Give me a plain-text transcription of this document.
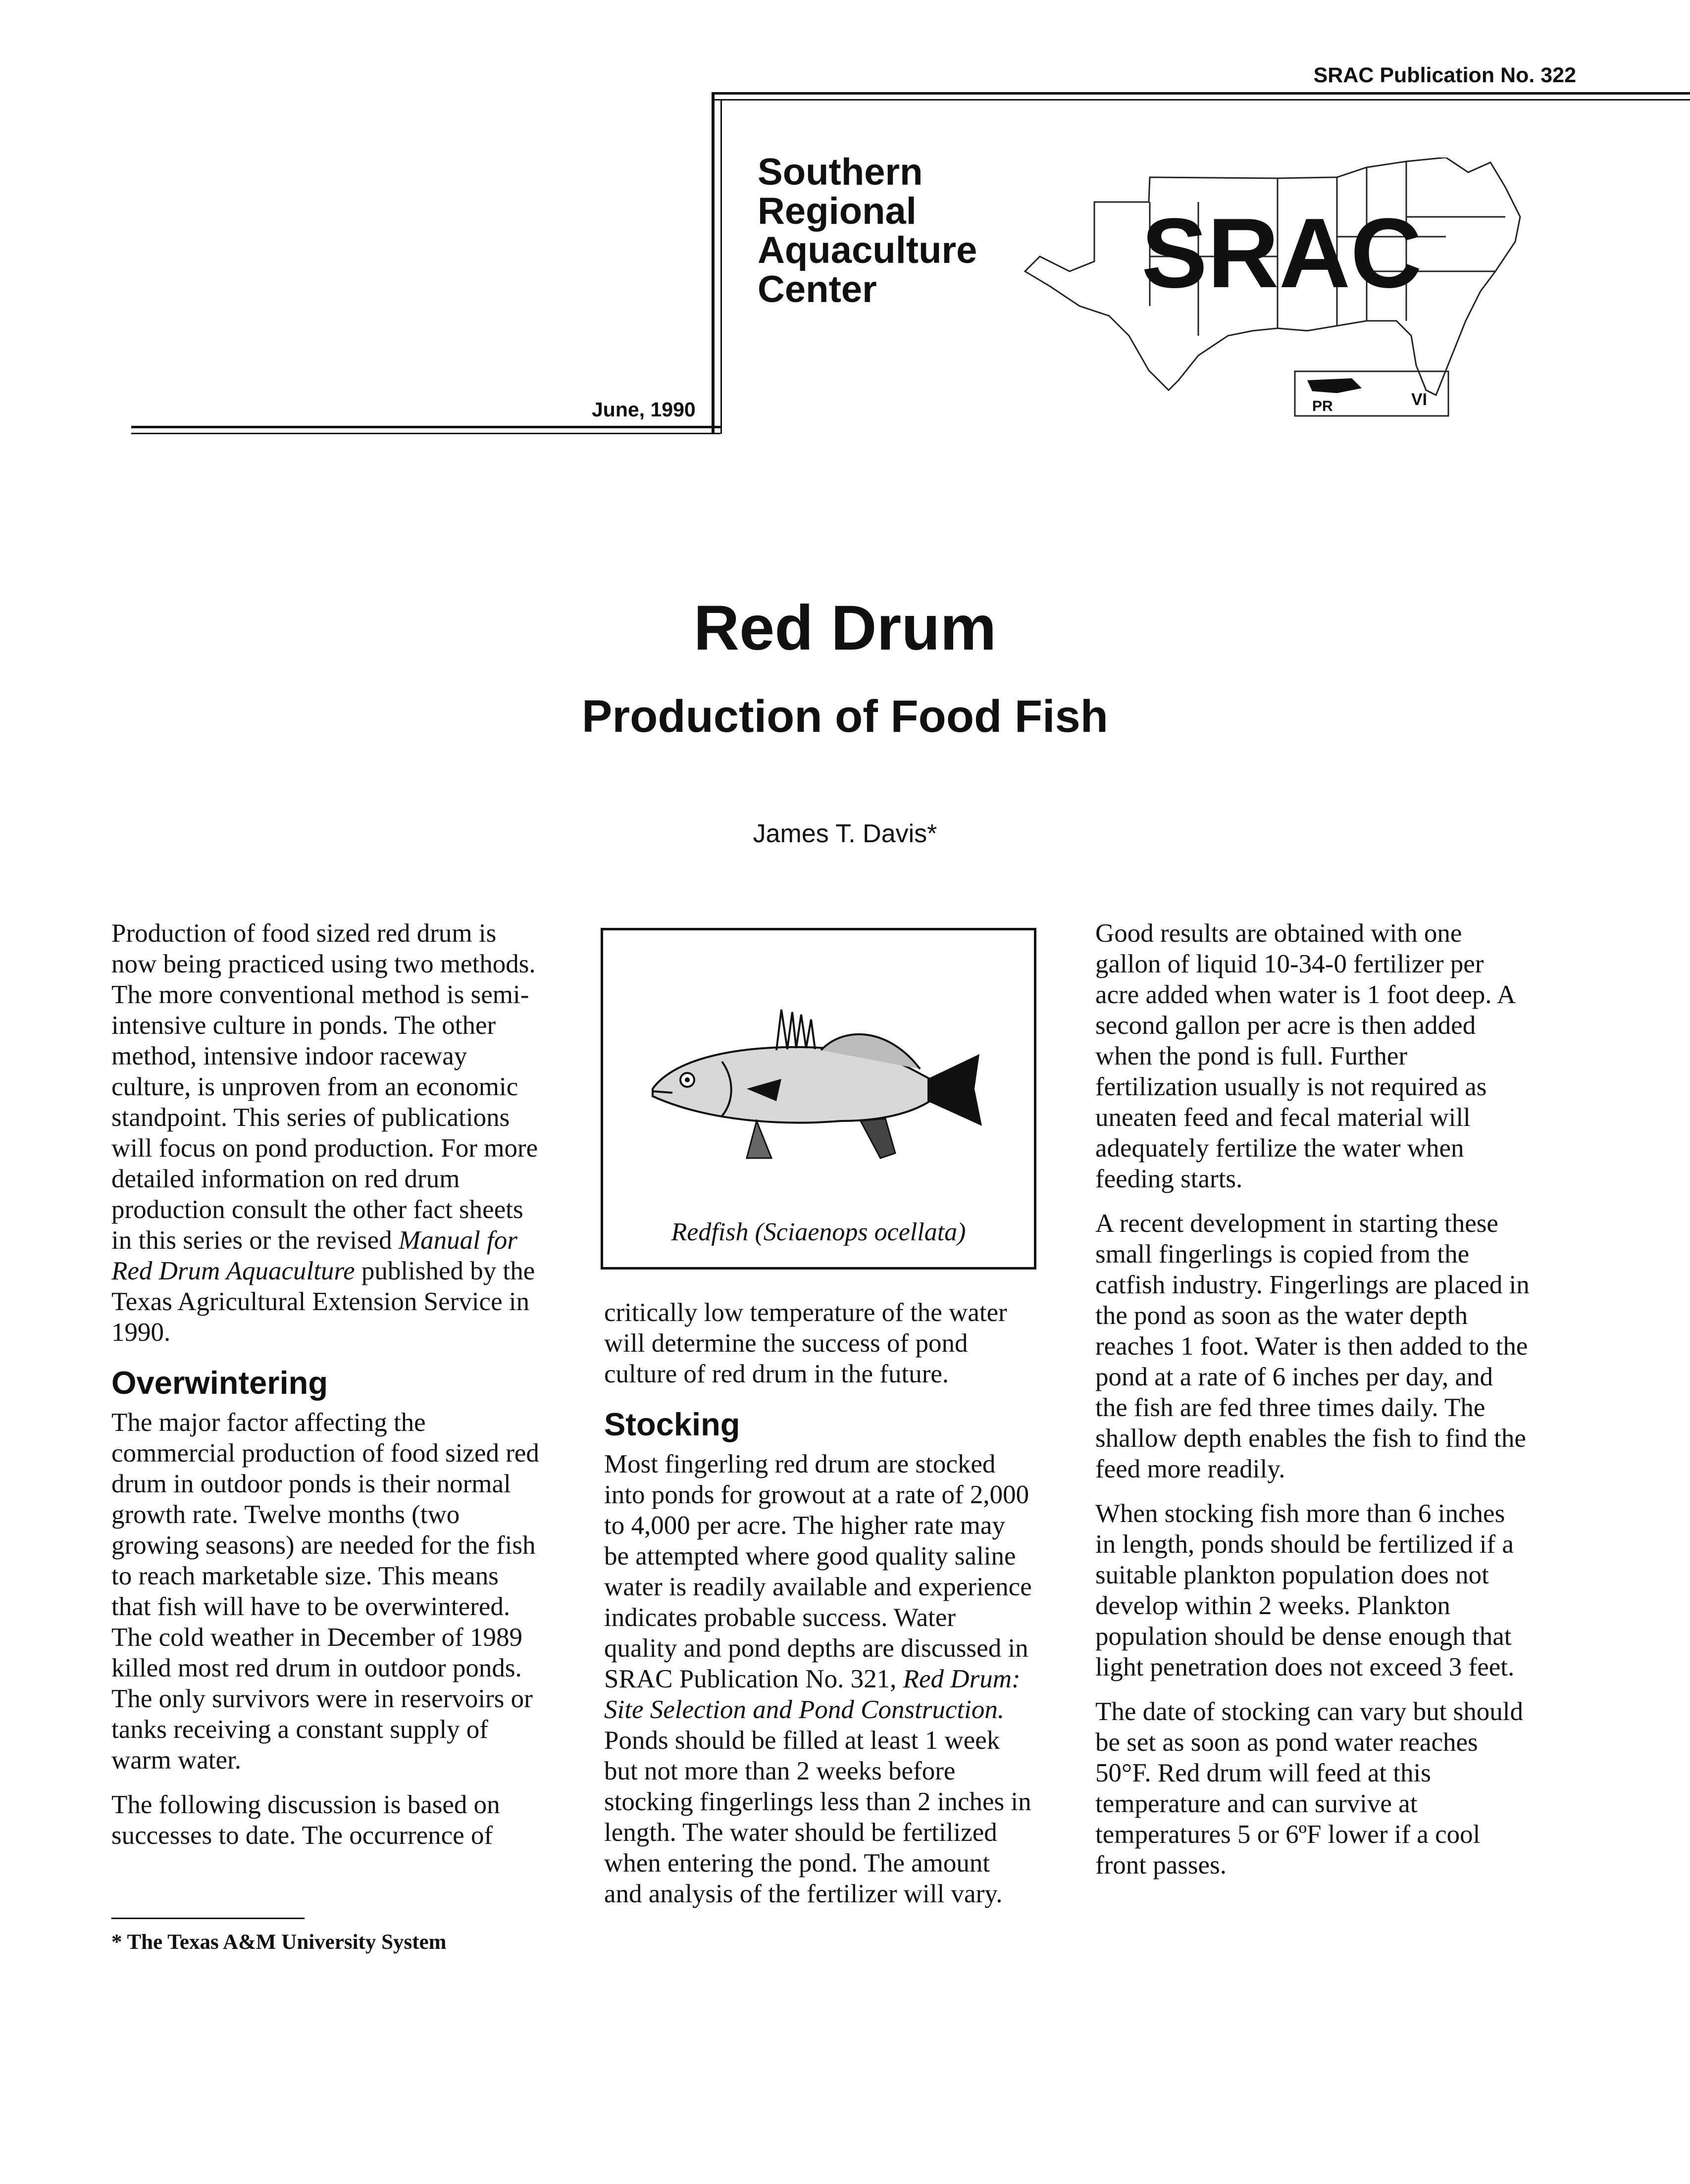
SRAC Publication No. 322
Southern
Regional
Aquaculture
Center
June, 1990	PR	VI
SRAC
Red Drum
Production of Food Fish
James T. Davis*

Production of food sized red drum is now being practiced using two methods. The more conventional method is semi-intensive culture in ponds. The other method, intensive indoor raceway culture, is unproven from an economic standpoint. This series of publications will focus on pond production. For more detailed information on red drum production consult the other fact sheets in this series or the revised Manual for Red Drum Aquaculture published by the Texas Agricultural Extension Service in 1990.

Overwintering

The major factor affecting the commercial production of food sized red drum in outdoor ponds is their normal growth rate. Twelve months (two growing seasons) are needed for the fish to reach marketable size. This means that fish will have to be overwintered. The cold weather in December of 1989 killed most red drum in outdoor ponds. The only survivors were in reservoirs or tanks receiving a constant supply of warm water.

The following discussion is based on successes to date. The occurrence of

Redfish (Sciaenops ocellata)

critically low temperature of the water will determine the success of pond culture of red drum in the future.

Stocking

Most fingerling red drum are stocked into ponds for growout at a rate of 2,000 to 4,000 per acre. The higher rate may be attempted where good quality saline water is readily available and experience indicates probable success. Water quality and pond depths are discussed in SRAC Publication No. 321, Red Drum: Site Selection and Pond Construction. Ponds should be filled at least 1 week but not more than 2 weeks before stocking fingerlings less than 2 inches in length. The water should be fertilized when entering the pond. The amount and analysis of the fertilizer will vary.

Good results are obtained with one gallon of liquid 10-34-0 fertilizer per acre added when water is 1 foot deep. A second gallon per acre is then added when the pond is full. Further fertilization usually is not required as uneaten feed and fecal material will adequately fertilize the water when feeding starts.

A recent development in starting these small fingerlings is copied from the catfish industry. Fingerlings are placed in the pond as soon as the water depth reaches 1 foot. Water is then added to the pond at a rate of 6 inches per day, and the fish are fed three times daily. The shallow depth enables the fish to find the feed more readily.

When stocking fish more than 6 inches in length, ponds should be fertilized if a suitable plankton population does not develop within 2 weeks. Plankton population should be dense enough that light penetration does not exceed 3 feet.

The date of stocking can vary but should be set as soon as pond water reaches 50°F. Red drum will feed at this temperature and can survive at temperatures 5 or 6ºF lower if a cool front passes.

* The Texas A&M University System
